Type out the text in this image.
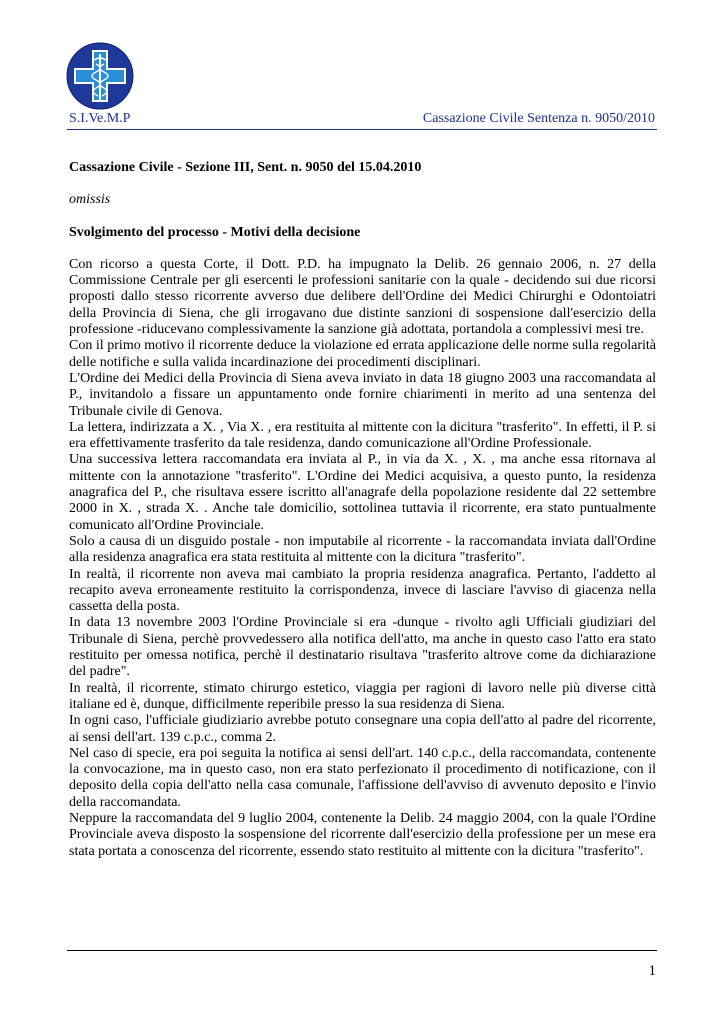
S.I.Ve.M.P	Cassazione Civile Sentenza n. 9050/2010
Cassazione Civile - Sezione III, Sent. n. 9050 del 15.04.2010
omissis
Svolgimento del processo - Motivi della decisione

Con ricorso a questa Corte, il Dott. P.D. ha impugnato la Delib. 26 gennaio 2006, n. 27 della Commissione Centrale per gli esercenti le professioni sanitarie con la quale - decidendo sui due ricorsi proposti dallo stesso ricorrente avverso due delibere dell'Ordine dei Medici Chirurghi e Odontoiatri della Provincia di Siena, che gli irrogavano due distinte sanzioni di sospensione dall'esercizio della professione -riducevano complessivamente la sanzione già adottata, portandola a complessivi mesi tre.

Con il primo motivo il ricorrente deduce la violazione ed errata applicazione delle norme sulla regolarità delle notifiche e sulla valida incardinazione dei procedimenti disciplinari.

L'Ordine dei Medici della Provincia di Siena aveva inviato in data 18 giugno 2003 una raccomandata al P., invitandolo a fissare un appuntamento onde fornire chiarimenti in merito ad una sentenza del Tribunale civile di Genova.

La lettera, indirizzata a X. , Via X. , era restituita al mittente con la dicitura "trasferito". In effetti, il P. si era effettivamente trasferito da tale residenza, dando comunicazione all'Ordine Professionale.

Una successiva lettera raccomandata era inviata al P., in via da X. , X. , ma anche essa ritornava al mittente con la annotazione "trasferito". L'Ordine dei Medici acquisiva, a questo punto, la residenza anagrafica del P., che risultava essere iscritto all'anagrafe della popolazione residente dal 22 settembre 2000 in X. , strada X. . Anche tale domicilio, sottolinea tuttavia il ricorrente, era stato puntualmente comunicato all'Ordine Provinciale.

Solo a causa di un disguido postale - non imputabile al ricorrente - la raccomandata inviata dall'Ordine alla residenza anagrafica era stata restituita al mittente con la dicitura "trasferito".

In realtà, il ricorrente non aveva mai cambiato la propria residenza anagrafica. Pertanto, l'addetto al recapito aveva erroneamente restituito la corrispondenza, invece di lasciare l'avviso di giacenza nella cassetta della posta.

In data 13 novembre 2003 l'Ordine Provinciale si era -dunque - rivolto agli Ufficiali giudiziari del Tribunale di Siena, perchè provvedessero alla notifica dell'atto, ma anche in questo caso l'atto era stato restituito per omessa notifica, perchè il destinatario risultava "trasferito altrove come da dichiarazione del padre".

In realtà, il ricorrente, stimato chirurgo estetico, viaggia per ragioni di lavoro nelle più diverse città italiane ed è, dunque, difficilmente reperibile presso la sua residenza di Siena.

In ogni caso, l'ufficiale giudiziario avrebbe potuto consegnare una copia dell'atto al padre del ricorrente, ai sensi dell'art. 139 c.p.c., comma 2.

Nel caso di specie, era poi seguita la notifica ai sensi dell'art. 140 c.p.c., della raccomandata, contenente la convocazione, ma in questo caso, non era stato perfezionato il procedimento di notificazione, con il deposito della copia dell'atto nella casa comunale, l'affissione dell'avviso di avvenuto deposito e l'invio della raccomandata.

Neppure la raccomandata del 9 luglio 2004, contenente la Delib. 24 maggio 2004, con la quale l'Ordine Provinciale aveva disposto la sospensione del ricorrente dall'esercizio della professione per un mese era stata portata a conoscenza del ricorrente, essendo stato restituito al mittente con la dicitura "trasferito".

1
